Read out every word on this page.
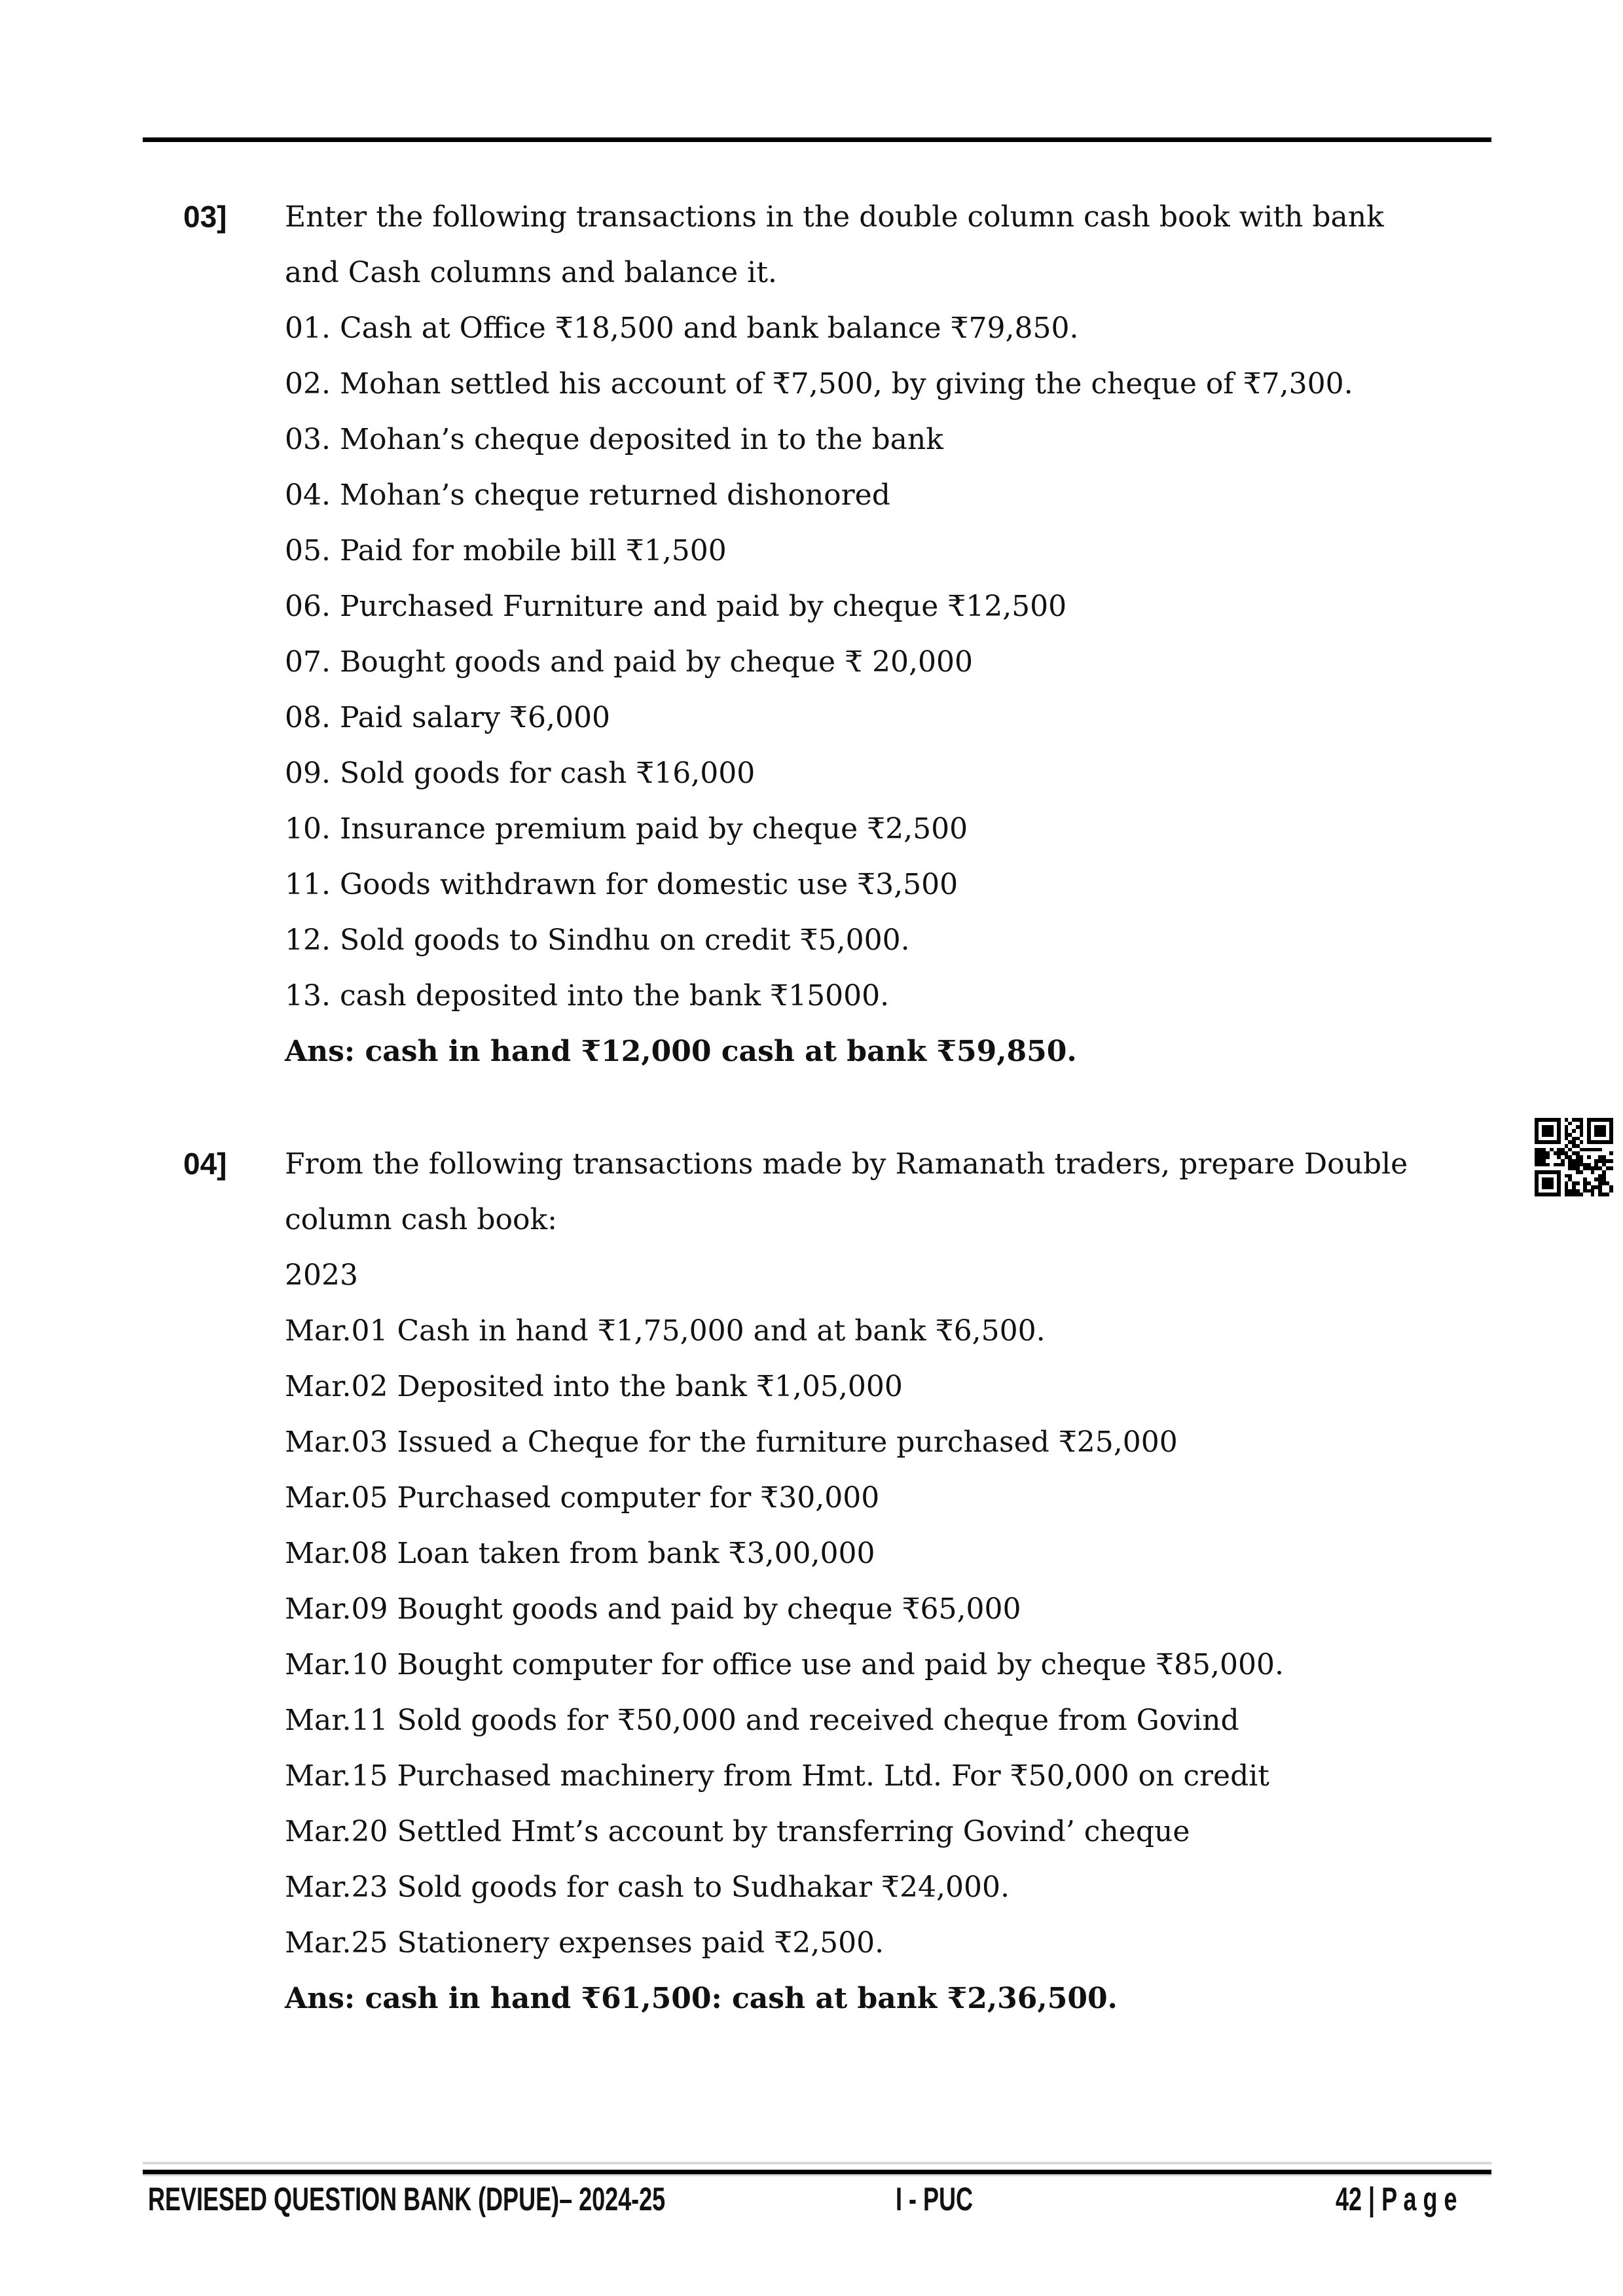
03] Enter the following transactions in the double column cash book with bank
and Cash columns and balance it.
01. Cash at Office ₹18,500 and bank balance ₹79,850.
02. Mohan settled his account of ₹7,500, by giving the cheque of ₹7,300.
03. Mohan’s cheque deposited in to the bank
04. Mohan’s cheque returned dishonored
05. Paid for mobile bill ₹1,500
06. Purchased Furniture and paid by cheque ₹12,500
07. Bought goods and paid by cheque ₹ 20,000
08. Paid salary ₹6,000
09. Sold goods for cash ₹16,000
10. Insurance premium paid by cheque ₹2,500
11. Goods withdrawn for domestic use ₹3,500
12. Sold goods to Sindhu on credit ₹5,000.
13. cash deposited into the bank ₹15000.
Ans: cash in hand ₹12,000 cash at bank ₹59,850.
04] From the following transactions made by Ramanath traders, prepare Double
column cash book:
2023
Mar.01 Cash in hand ₹1,75,000 and at bank ₹6,500.
Mar.02 Deposited into the bank ₹1,05,000
Mar.03 Issued a Cheque for the furniture purchased ₹25,000
Mar.05 Purchased computer for ₹30,000
Mar.08 Loan taken from bank ₹3,00,000
Mar.09 Bought goods and paid by cheque ₹65,000
Mar.10 Bought computer for office use and paid by cheque ₹85,000.
Mar.11 Sold goods for ₹50,000 and received cheque from Govind
Mar.15 Purchased machinery from Hmt. Ltd. For ₹50,000 on credit
Mar.20 Settled Hmt’s account by transferring Govind’ cheque
Mar.23 Sold goods for cash to Sudhakar ₹24,000.
Mar.25 Stationery expenses paid ₹2,500.
Ans: cash in hand ₹61,500: cash at bank ₹2,36,500.
REVIESED QUESTION BANK (DPUE)– 2024-25	I - PUC	42 | P a g e
